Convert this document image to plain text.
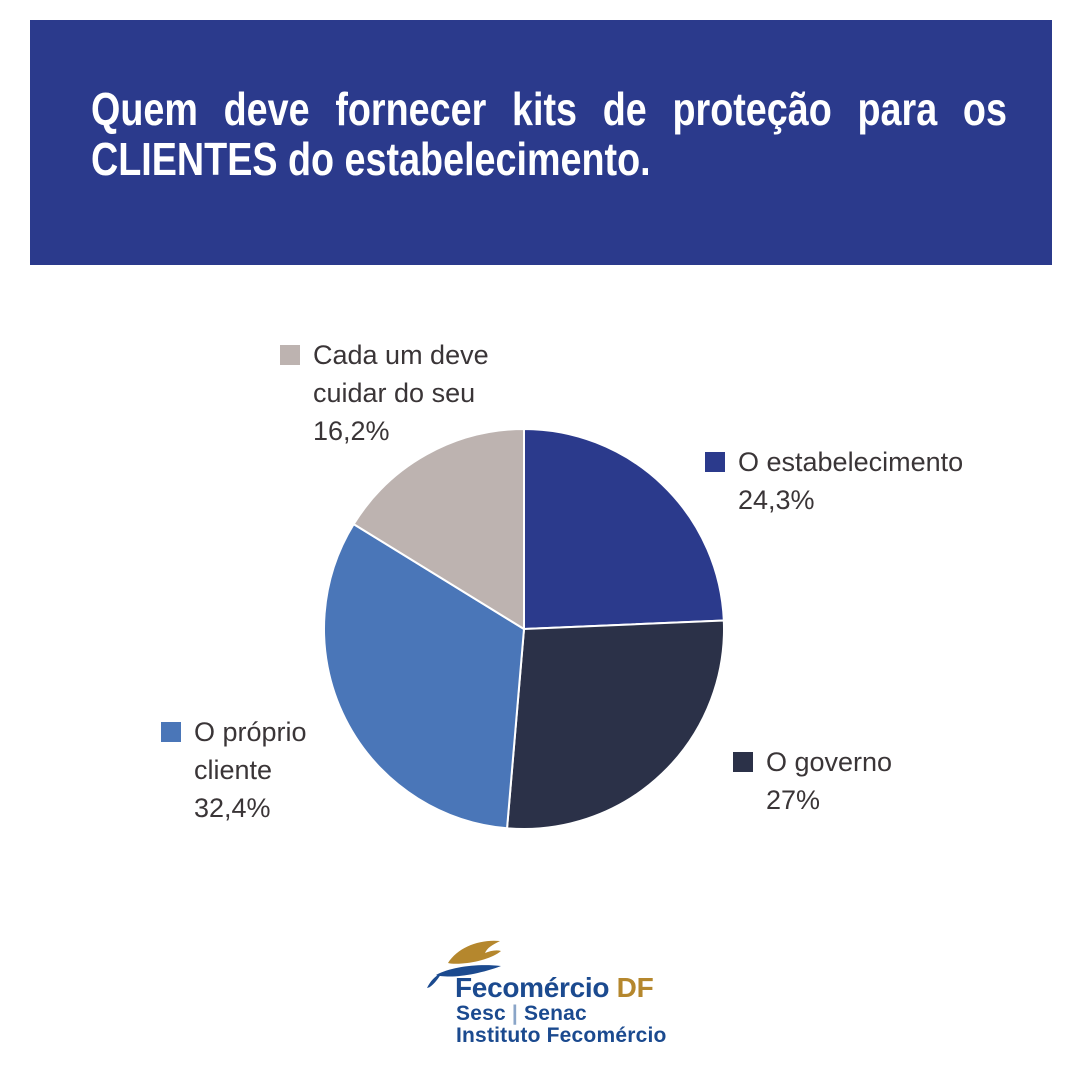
Quem deve fornecer kits de proteção para os
CLIENTES do estabelecimento.
O estabelecimento
24,3%
O governo
27%
O próprio
cliente
32,4%
Cada um deve
cuidar do seu
16,2%
Fecomércio DF
Sesc | Senac
Instituto Fecomércio
